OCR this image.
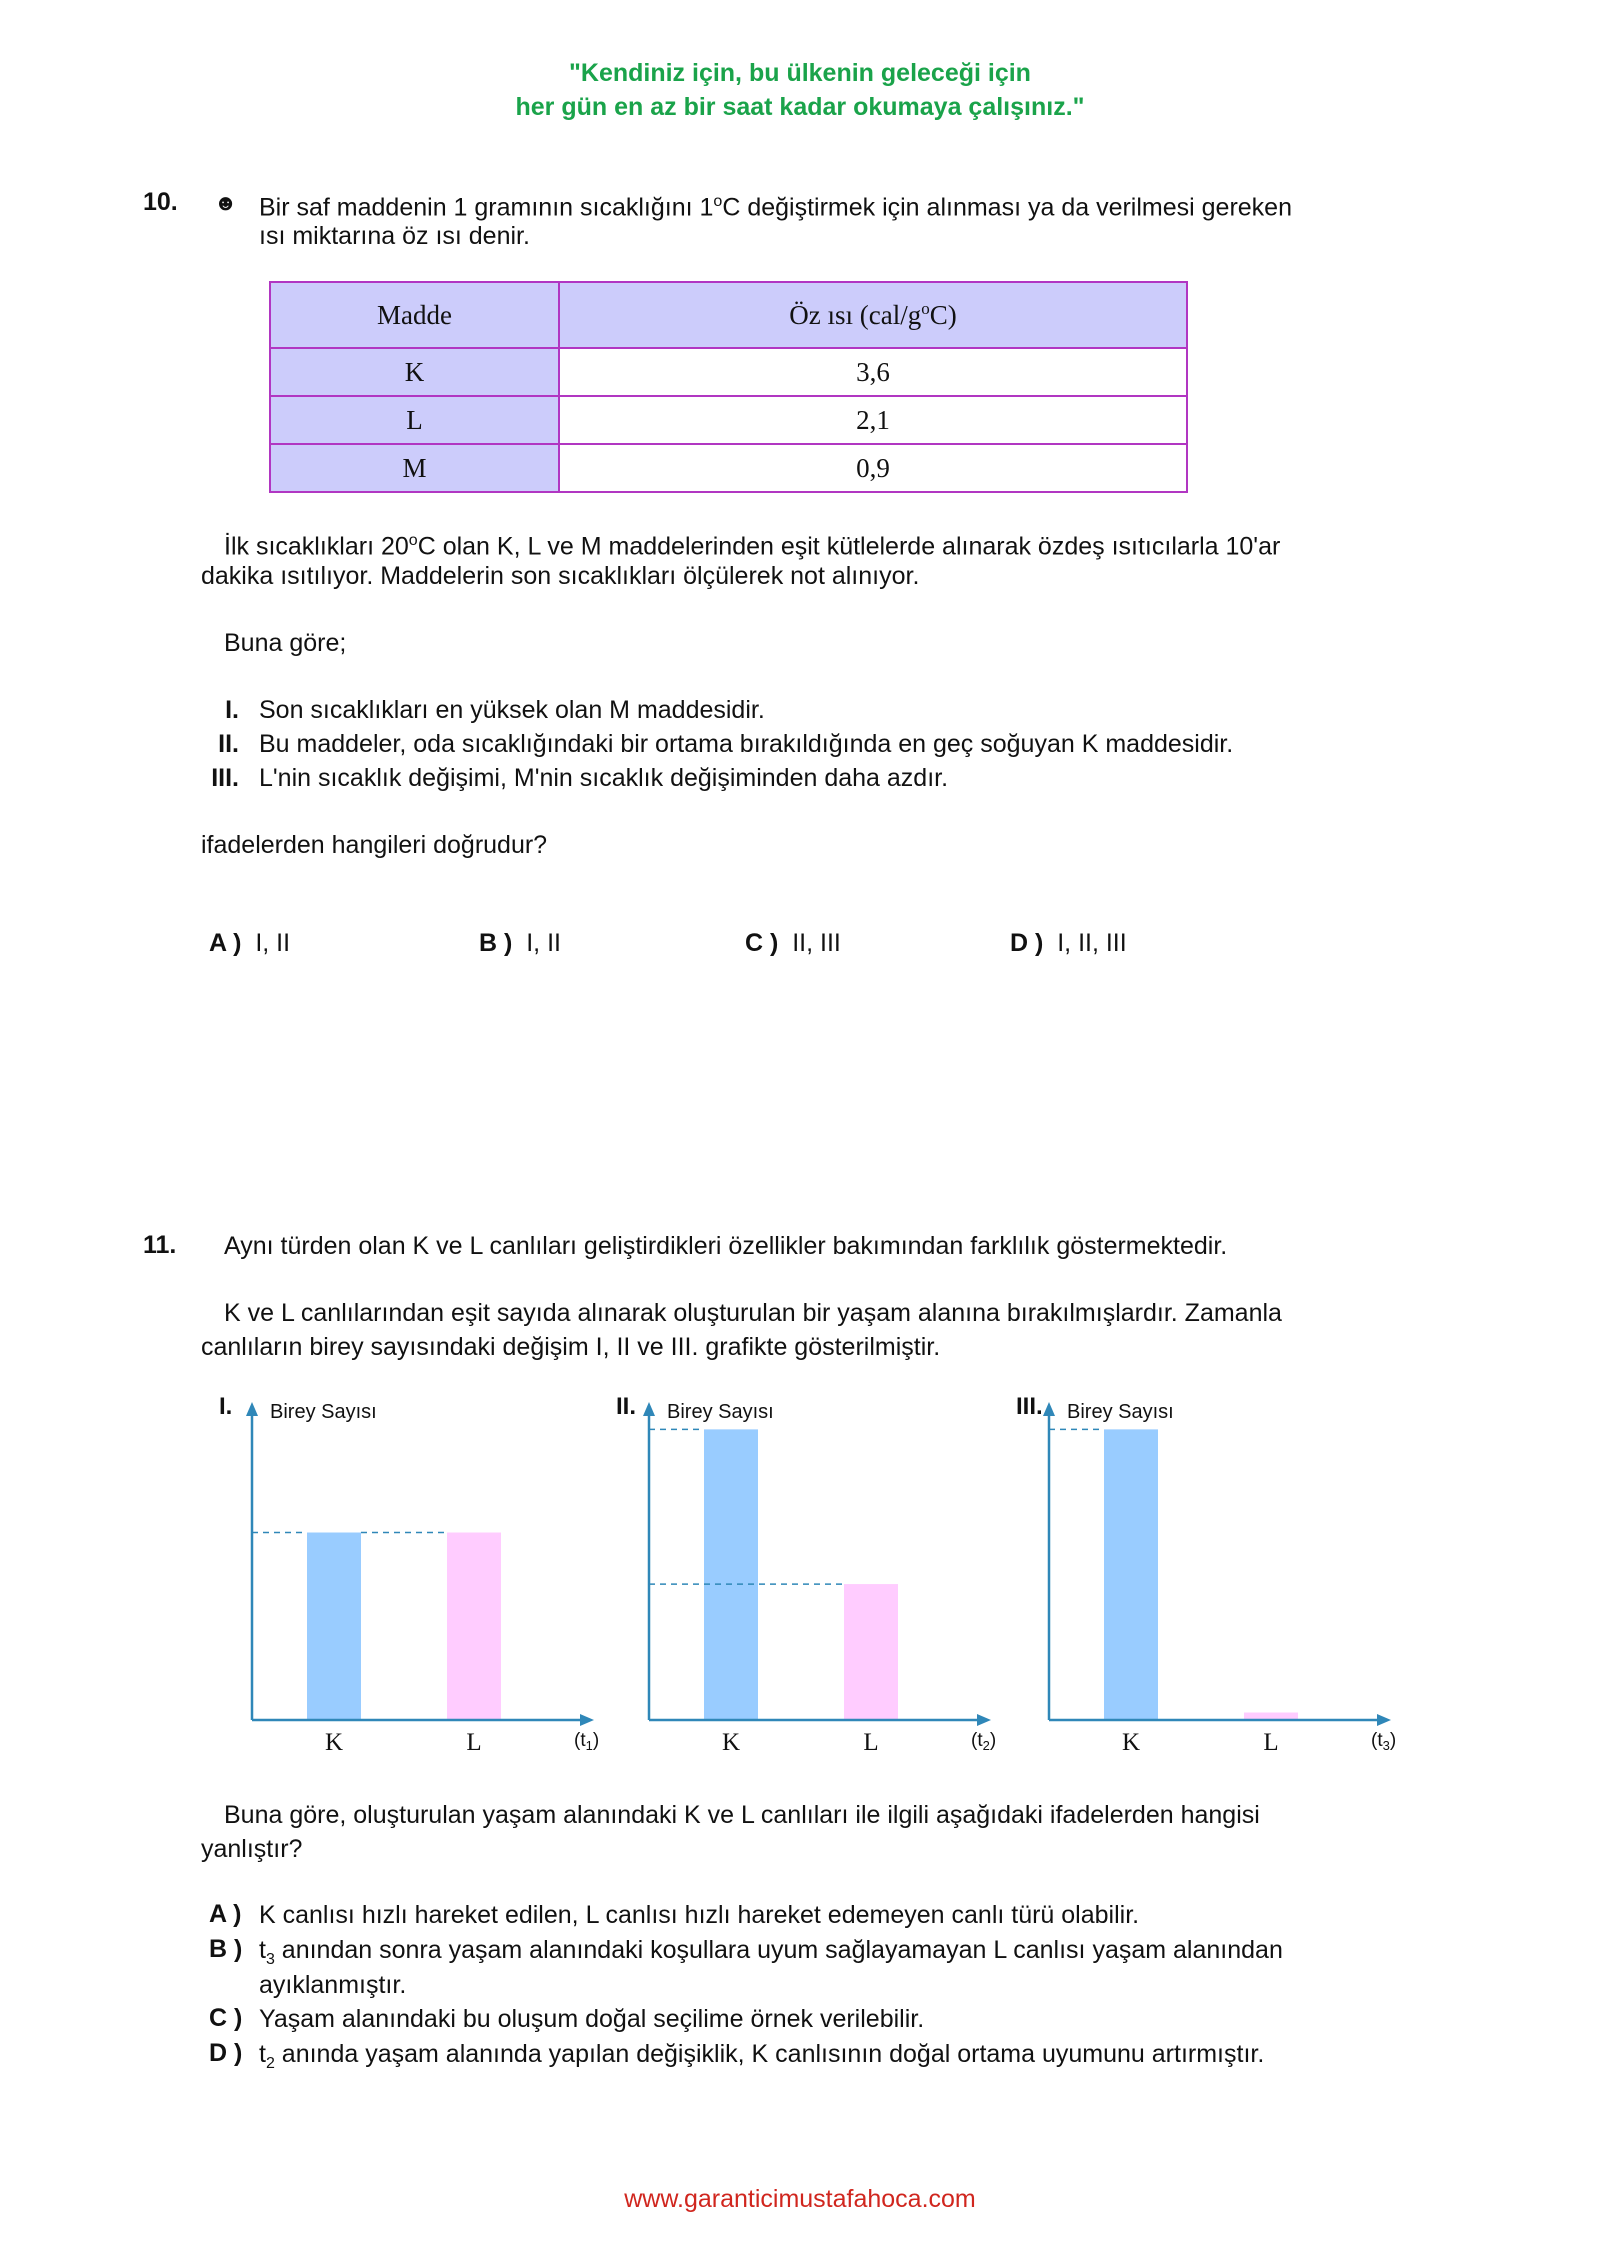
"Kendiniz için, bu ülkenin geleceği için
her gün en az bir saat kadar okumaya çalışınız."
10. ☻ Bir saf maddenin 1 gramının sıcaklığını 1$^o$C değiştirmek için alınması ya da verilmesi gereken
ısı miktarına öz ısı denir.
Madde	Öz ısı $(cal/g^oC)$
K	3,6
L	2,1
M	0,9
İlk sıcaklıkları 20$^o$C olan K, L ve M maddelerinden eşit kütlelerde alınarak özdeş ısıtıcılarla 10'ar
dakika ısıtılıyor. Maddelerin son sıcaklıkları ölçülerek not alınıyor.
Buna göre;
I. Son sıcaklıkları en yüksek olan M maddesidir.
II. Bu maddeler, oda sıcaklığındaki bir ortama bırakıldığında en geç soğuyan K maddesidir.
III. L'nin sıcaklık değişimi, M'nin sıcaklık değişiminden daha azdır.
ifadelerden hangileri doğrudur?
A ) I, II	B ) I, II	C ) II, III	D ) I, II, III
11. Aynı türden olan K ve L canlıları geliştirdikleri özellikler bakımından farklılık göstermektedir.
K ve L canlılarından eşit sayıda alınarak oluşturulan bir yaşam alanına bırakılmışlardır. Zamanla
canlıların birey sayısındaki değişim I, II ve III. grafikte gösterilmiştir.
I. Birey Sayısı
K	L	$(t_1)$
II. Birey Sayısı
K	L	$(t_2)$
III. Birey Sayısı
K	L	$(t_3)$
Buna göre, oluşturulan yaşam alanındaki K ve L canlıları ile ilgili aşağıdaki ifadelerden hangisi
yanlıştır?
A ) K canlısı hızlı hareket edilen, L canlısı hızlı hareket edemeyen canlı türü olabilir.
B ) $t_3$ anından sonra yaşam alanındaki koşullara uyum sağlayamayan L canlısı yaşam alanından
ayıklanmıştır.
C ) Yaşam alanındaki bu oluşum doğal seçilime örnek verilebilir.
D ) $t_2$ anında yaşam alanında yapılan değişiklik, K canlısının doğal ortama uyumunu artırmıştır.
www.garanticimustafahoca.com
